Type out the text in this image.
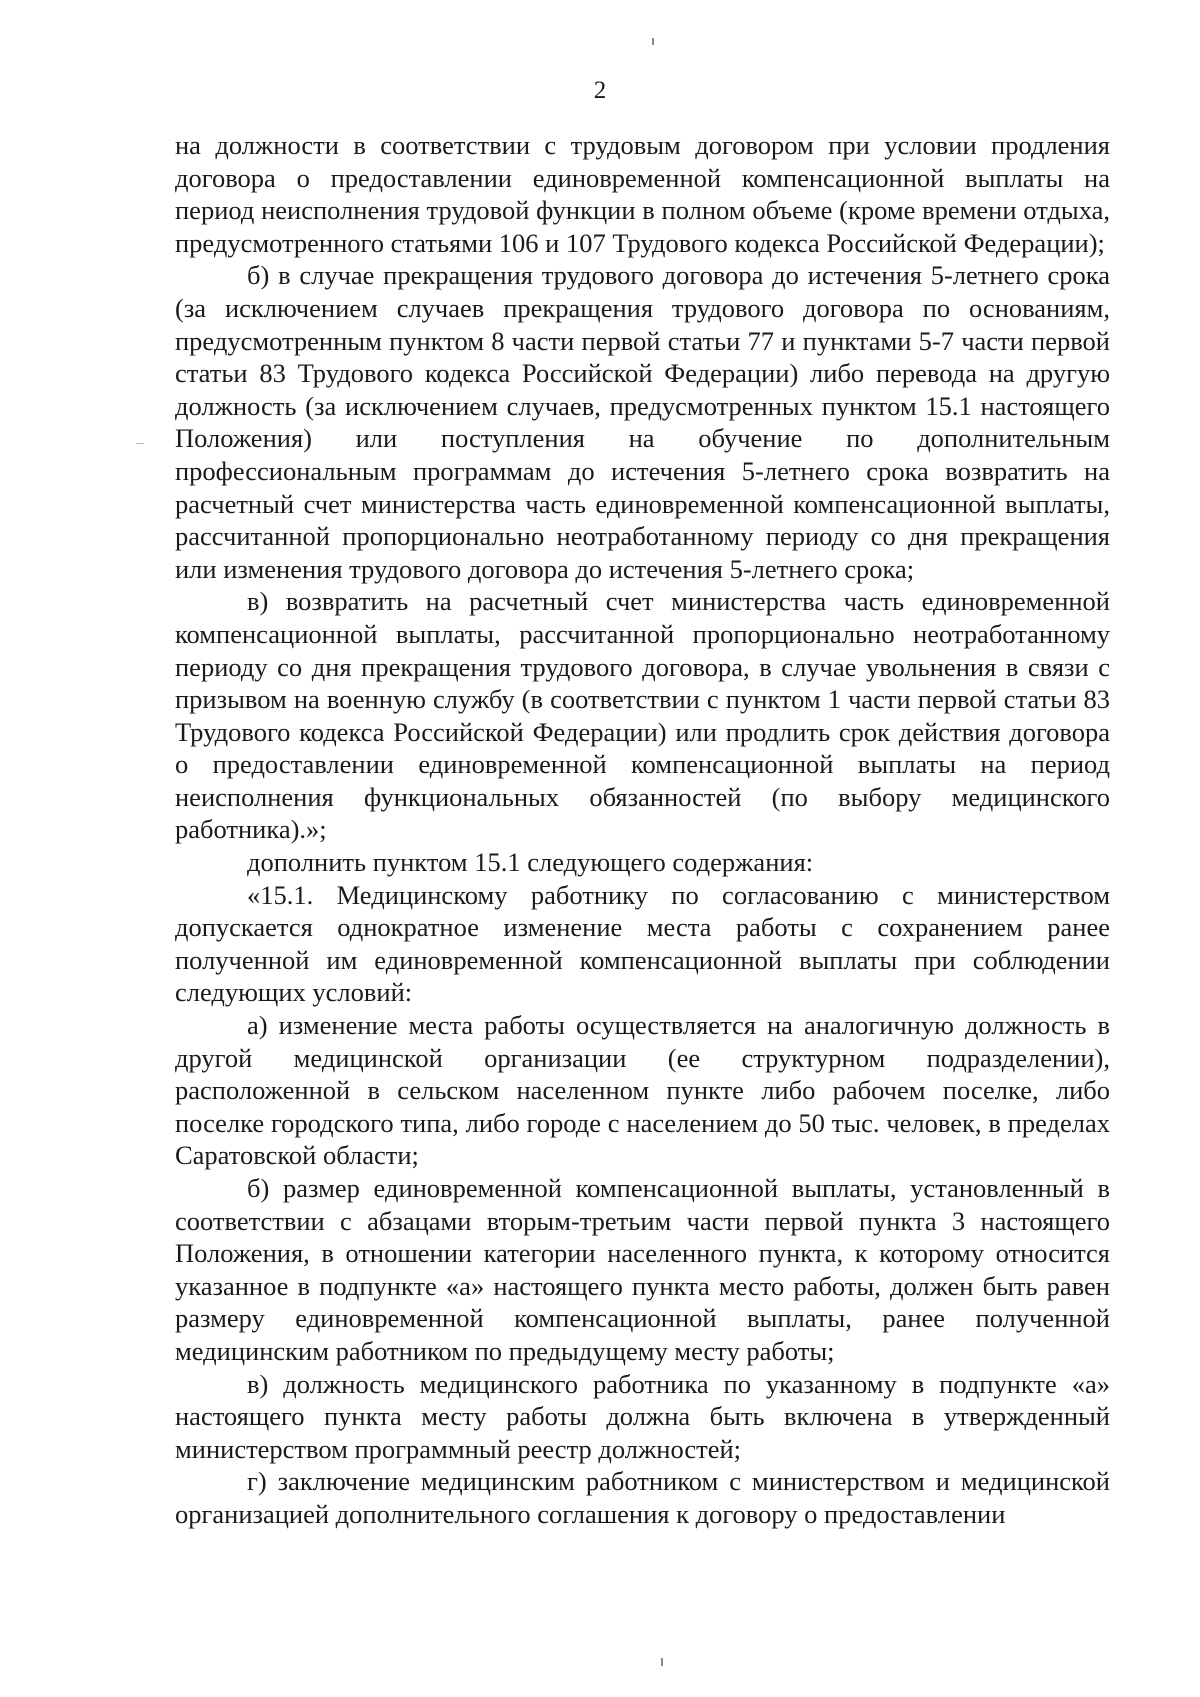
2

на должности в соответствии с трудовым договором при условии продления договора о предоставлении единовременной компенсационной выплаты на период неисполнения трудовой функции в полном объеме (кроме времени отдыха, предусмотренного статьями 106 и 107 Трудового кодекса Российской Федерации);

б) в случае прекращения трудового договора до истечения 5-летнего срока (за исключением случаев прекращения трудового договора по основаниям, предусмотренным пунктом 8 части первой статьи 77 и пунктами 5-7 части первой статьи 83 Трудового кодекса Российской Федерации) либо перевода на другую должность (за исключением случаев, предусмотренных пунктом 15.1 настоящего Положения) или поступления на обучение по дополнительным профессиональным программам до истечения 5-летнего срока возвратить на расчетный счет министерства часть единовременной компенсационной выплаты, рассчитанной пропорционально неотработанному периоду со дня прекращения или изменения трудового договора до истечения 5-летнего срока;

в) возвратить на расчетный счет министерства часть единовременной компенсационной выплаты, рассчитанной пропорционально неотработанному периоду со дня прекращения трудового договора, в случае увольнения в связи с призывом на военную службу (в соответствии с пунктом 1 части первой статьи 83 Трудового кодекса Российской Федерации) или продлить срок действия договора о предоставлении единовременной компенсационной выплаты на период неисполнения функциональных обязанностей (по выбору медицинского работника).»;

дополнить пунктом 15.1 следующего содержания:

«15.1. Медицинскому работнику по согласованию с министерством допускается однократное изменение места работы с сохранением ранее полученной им единовременной компенсационной выплаты при соблюдении следующих условий:

а) изменение места работы осуществляется на аналогичную должность в другой медицинской организации (ее структурном подразделении), расположенной в сельском населенном пункте либо рабочем поселке, либо поселке городского типа, либо городе с населением до 50 тыс. человек, в пределах Саратовской области;

б) размер единовременной компенсационной выплаты, установленный в соответствии с абзацами вторым-третьим части первой пункта 3 настоящего Положения, в отношении категории населенного пункта, к которому относится указанное в подпункте «а» настоящего пункта место работы, должен быть равен размеру единовременной компенсационной выплаты, ранее полученной медицинским работником по предыдущему месту работы;

в) должность медицинского работника по указанному в подпункте «а» настоящего пункта месту работы должна быть включена в утвержденный министерством программный реестр должностей;

г) заключение медицинским работником с министерством и медицинской организацией дополнительного соглашения к договору о предоставлении
